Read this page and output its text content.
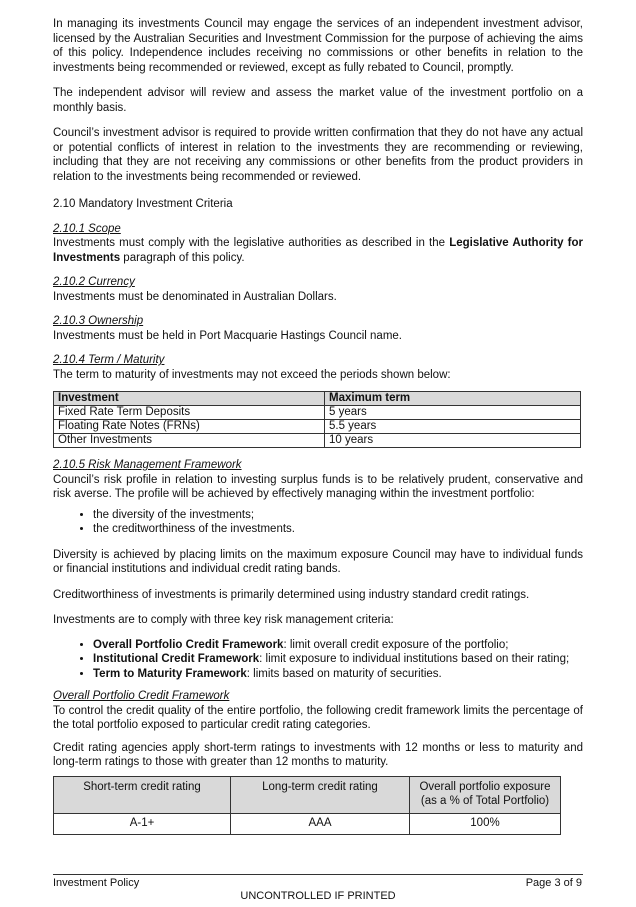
In managing its investments Council may engage the services of an independent investment advisor, licensed by the Australian Securities and Investment Commission for the purpose of achieving the aims of this policy. Independence includes receiving no commissions or other benefits in relation to the investments being recommended or reviewed, except as fully rebated to Council, promptly.

The independent advisor will review and assess the market value of the investment portfolio on a monthly basis.

Council’s investment advisor is required to provide written confirmation that they do not have any actual or potential conflicts of interest in relation to the investments they are recommending or reviewing, including that they are not receiving any commissions or other benefits from the product providers in relation to the investments being recommended or reviewed.

2.10 Mandatory Investment Criteria
2.10.1 Scope

Investments must comply with the legislative authorities as described in the Legislative Authority for Investments paragraph of this policy.

2.10.2 Currency

Investments must be denominated in Australian Dollars.

2.10.3 Ownership

Investments must be held in Port Macquarie Hastings Council name.

2.10.4 Term / Maturity

The term to maturity of investments may not exceed the periods shown below:

Investment	Maximum term
Fixed Rate Term Deposits	5 years
Floating Rate Notes (FRNs)	5.5 years
Other Investments	10 years
2.10.5 Risk Management Framework

Council’s risk profile in relation to investing surplus funds is to be relatively prudent, conservative and risk averse. The profile will be achieved by effectively managing within the investment portfolio:

• the diversity of the investments;
• the creditworthiness of the investments.

Diversity is achieved by placing limits on the maximum exposure Council may have to individual funds or financial institutions and individual credit rating bands.

Creditworthiness of investments is primarily determined using industry standard credit ratings.

Investments are to comply with three key risk management criteria:

• Overall Portfolio Credit Framework: limit overall credit exposure of the portfolio;
• Institutional Credit Framework: limit exposure to individual institutions based on their rating;
• Term to Maturity Framework: limits based on maturity of securities.
Overall Portfolio Credit Framework

To control the credit quality of the entire portfolio, the following credit framework limits the percentage of the total portfolio exposed to particular credit rating categories.

Credit rating agencies apply short-term ratings to investments with 12 months or less to maturity and long-term ratings to those with greater than 12 months to maturity.

Short-term credit rating	Long-term credit rating	Overall portfolio exposure (as a % of Total Portfolio)
A-1+	AAA	100%
Investment Policy	Page 3 of 9
UNCONTROLLED IF PRINTED
